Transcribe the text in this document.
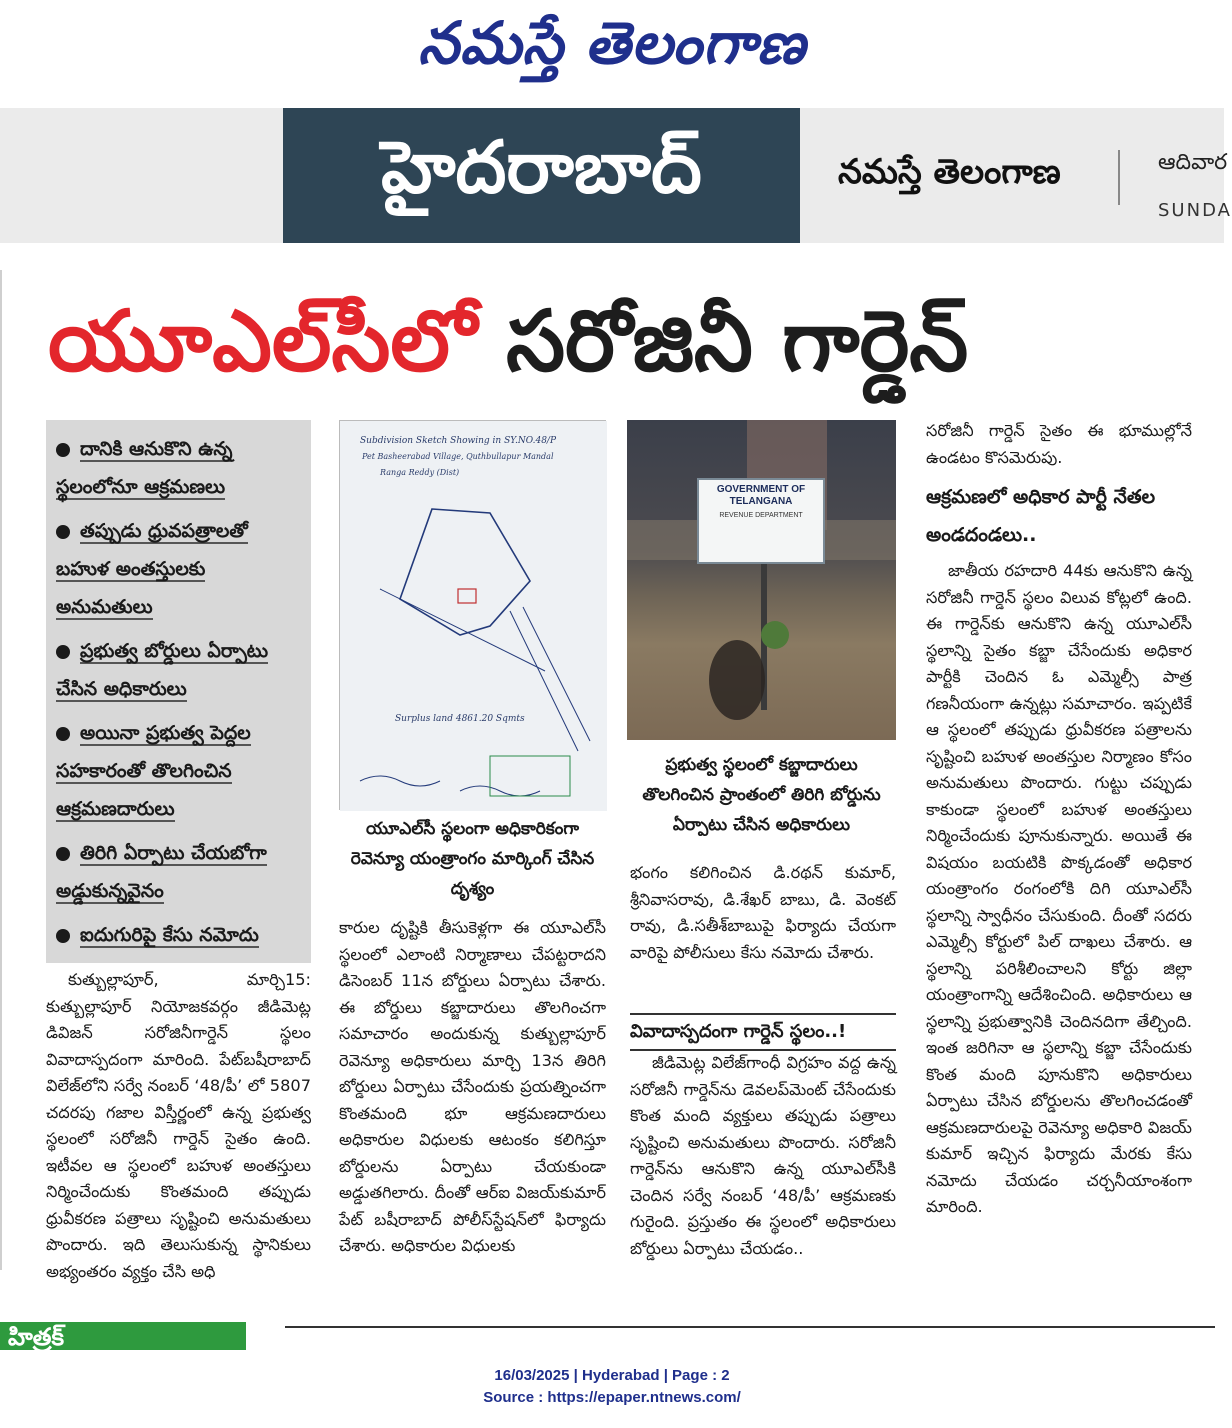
నమస్తే తెలంగాణ
హైదరాబాద్	నమస్తే తెలంగాణ	ఆదివార
SUNDA
యూఎల్‌సీలో సరోజినీ గార్డెన్
దానికి ఆనుకొని ఉన్న స్థలంలోనూ ఆక్రమణలు
తప్పుడు ధ్రువపత్రాలతో బహుళ అంతస్తులకు అనుమతులు
ప్రభుత్వ బోర్డులు ఏర్పాటు చేసిన అధికారులు
అయినా ప్రభుత్వ పెద్దల సహకారంతో తొలగించిన ఆక్రమణదారులు
తిరిగి ఏర్పాటు చేయబోగా అడ్డుకున్నవైనం
ఐదుగురిపై కేసు నమోదు

కుత్బుల్లాపూర్, మార్చి15: కుత్బుల్లాపూర్ నియోజకవర్గం జీడిమెట్ల డివిజన్ సరోజినీగార్డెన్ స్థలం వివాదాస్పదంగా మారింది. పేట్‌బషీరాబాద్ విలేజ్‌లోని సర్వే నంబర్ ‘48/పీ’ లో 5807 చదరపు గజాల విస్తీర్ణంలో ఉన్న ప్రభుత్వ స్థలంలో సరోజినీ గార్డెన్ సైతం ఉంది. ఇటీవల ఆ స్థలంలో బహుళ అంతస్తులు నిర్మించేందుకు కొంతమంది తప్పుడు ధ్రువీకరణ పత్రాలు సృష్టించి అనుమతులు పొందారు. ఇది తెలుసుకున్న స్థానికులు అభ్యంతరం వ్యక్తం చేసి అధి

Subdivision Sketch Showing in SY.NO.48/P
Pet Basheerabad Village, Quthbullapur Mandal
Ranga Reddy (Dist)
Surplus land 4861.20 Sqmts
యూఎల్‌సీ స్థలంగా అధికారికంగా రెవెన్యూ యంత్రాంగం మార్కింగ్ చేసిన దృశ్యం

కారుల దృష్టికి తీసుకెళ్లగా ఈ యూఎల్‌సీ స్థలంలో ఎలాంటి నిర్మాణాలు చేపట్టరాదని డిసెంబర్ 11న బోర్డులు ఏర్పాటు చేశారు. ఈ బోర్డులు కబ్జాదారులు తొలగించగా సమాచారం అందుకున్న కుత్బుల్లాపూర్ రెవెన్యూ అధికారులు మార్చి 13న తిరిగి బోర్డులు ఏర్పాటు చేసేందుకు ప్రయత్నించగా కొంతమంది భూ ఆక్రమణదారులు అధికారుల విధులకు ఆటంకం కలిగిస్తూ బోర్డులను ఏర్పాటు చేయకుండా అడ్డుతగిలారు. దీంతో ఆర్ఐ విజయ్‌కుమార్ పేట్ బషీరాబాద్ పోలీస్‌స్టేషన్‌లో ఫిర్యాదు చేశారు. అధికారుల విధులకు

GOVERNMENT OF
TELANGANA
REVENUE DEPARTMENT
ప్రభుత్వ స్థలంలో కబ్జాదారులు తొలగించిన ప్రాంతంలో తిరిగి బోర్డును ఏర్పాటు చేసిన అధికారులు

భంగం కలిగించిన డి.రథన్ కుమార్, శ్రీనివాసరావు, డి.శేఖర్ బాబు, డి. వెంకట్ రావు, డి.సతీశ్‌బాబుపై ఫిర్యాదు చేయగా వారిపై పోలీసులు కేసు నమోదు చేశారు.

వివాదాస్పదంగా గార్డెన్ స్థలం..!

జీడిమెట్ల విలేజ్‌గాంధీ విగ్రహం వద్ద ఉన్న సరోజినీ గార్డెన్‌ను డెవలప్‌మెంట్ చేసేందుకు కొంత మంది వ్యక్తులు తప్పుడు పత్రాలు సృష్టించి అనుమతులు పొందారు. సరోజినీ గార్డెన్‌ను ఆనుకొని ఉన్న యూఎల్‌సీకి చెందిన సర్వే నంబర్ ‘48/పీ’ ఆక్రమణకు గురైంది. ప్రస్తుతం ఈ స్థలంలో అధికారులు బోర్డులు ఏర్పాటు చేయడం..

సరోజినీ గార్డెన్ సైతం ఈ భూముల్లోనే ఉండటం కొసమెరుపు.

ఆక్రమణలో అధికార పార్టీ నేతల అండదండలు..

జాతీయ రహదారి 44కు ఆనుకొని ఉన్న సరోజినీ గార్డెన్ స్థలం విలువ కోట్లలో ఉంది. ఈ గార్డెన్‌కు ఆనుకొని ఉన్న యూఎల్‌సీ స్థలాన్ని సైతం కబ్జా చేసేందుకు అధికార పార్టీకి చెందిన ఓ ఎమ్మెల్సీ పాత్ర గణనీయంగా ఉన్నట్లు సమాచారం. ఇప్పటికే ఆ స్థలంలో తప్పుడు ధ్రువీకరణ పత్రాలను సృష్టించి బహుళ అంతస్తుల నిర్మాణం కోసం అనుమతులు పొందారు. గుట్టు చప్పుడు కాకుండా స్థలంలో బహుళ అంతస్తులు నిర్మించేందుకు పూనుకున్నారు. అయితే ఈ విషయం బయటికి పొక్కడంతో అధికార యంత్రాంగం రంగంలోకి దిగి యూఎల్‌సీ స్థలాన్ని స్వాధీనం చేసుకుంది. దీంతో సదరు ఎమ్మెల్సీ కోర్టులో పిల్ దాఖలు చేశారు. ఆ స్థలాన్ని పరిశీలించాలని కోర్టు జిల్లా యంత్రాంగాన్ని ఆదేశించింది. అధికారులు ఆ స్థలాన్ని ప్రభుత్వానికి చెందినదిగా తేల్చింది. ఇంత జరిగినా ఆ స్థలాన్ని కబ్జా చేసేందుకు కొంత మంది పూనుకొని అధికారులు ఏర్పాటు చేసిన బోర్డులను తొలగించడంతో ఆక్రమణదారులపై రెవెన్యూ అధికారి విజయ్ కుమార్ ఇచ్చిన ఫిర్యాదు మేరకు కేసు నమోదు చేయడం చర్చనీయాంశంగా మారింది.

హిత్రక్
16/03/2025 | Hyderabad | Page : 2
Source : https://epaper.ntnews.com/
